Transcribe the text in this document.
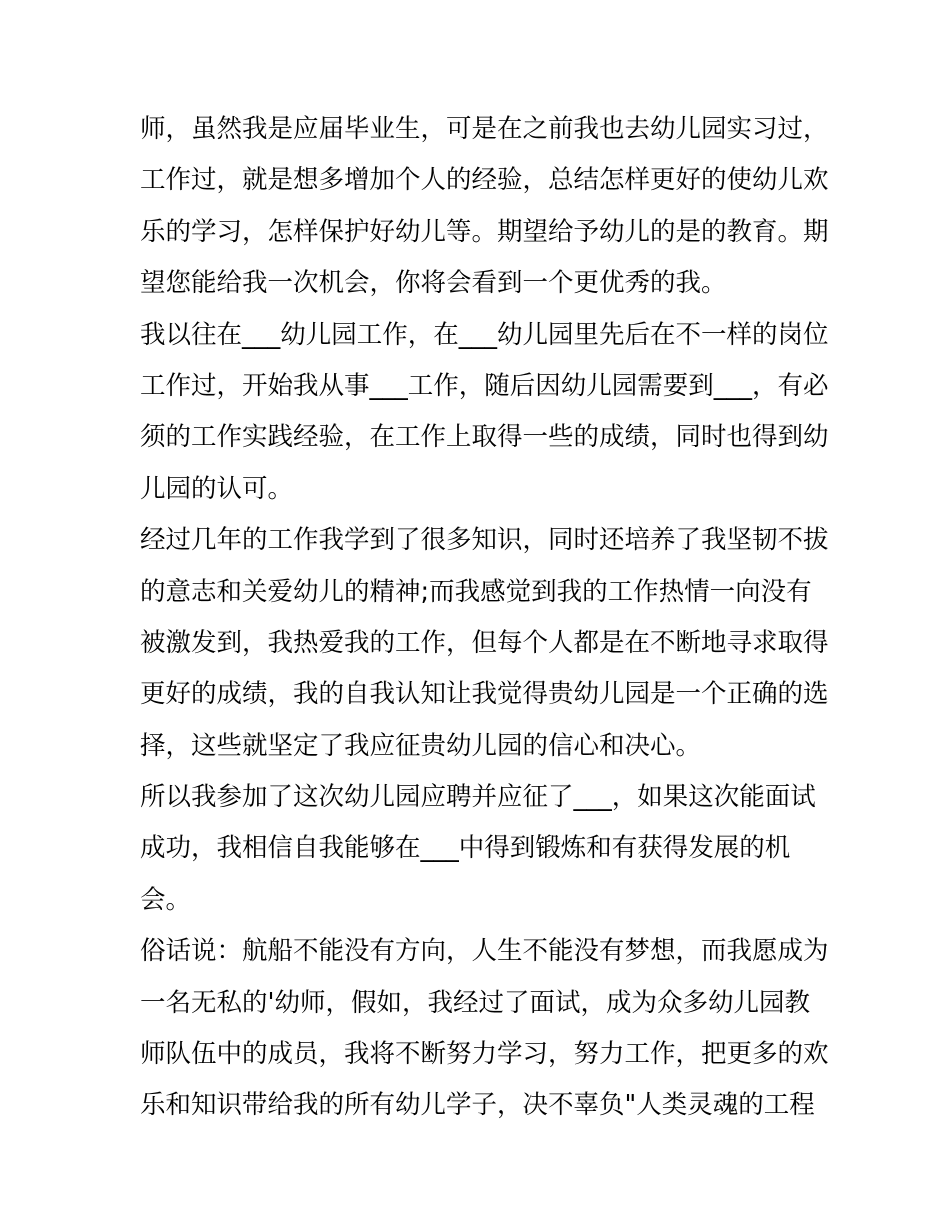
师，虽然我是应届毕业生，可是在之前我也去幼儿园实习过，
工作过，就是想多增加个人的经验，总结怎样更好的使幼儿欢
乐的学习，怎样保护好幼儿等。期望给予幼儿的是的教育。期
望您能给我一次机会，你将会看到一个更优秀的我。
我以往在___幼儿园工作，在___幼儿园里先后在不一样的岗位
工作过，开始我从事___工作，随后因幼儿园需要到___，有必
须的工作实践经验，在工作上取得一些的成绩，同时也得到幼
儿园的认可。
经过几年的工作我学到了很多知识，同时还培养了我坚韧不拔
的意志和关爱幼儿的精神;而我感觉到我的工作热情一向没有
被激发到，我热爱我的工作，但每个人都是在不断地寻求取得
更好的成绩，我的自我认知让我觉得贵幼儿园是一个正确的选
择，这些就坚定了我应征贵幼儿园的信心和决心。
所以我参加了这次幼儿园应聘并应征了___，如果这次能面试
成功，我相信自我能够在___中得到锻炼和有获得发展的机
会。
俗话说：航船不能没有方向，人生不能没有梦想，而我愿成为
一名无私的'幼师，假如，我经过了面试，成为众多幼儿园教
师队伍中的成员，我将不断努力学习，努力工作，把更多的欢
乐和知识带给我的所有幼儿学子，决不辜负"人类灵魂的工程
